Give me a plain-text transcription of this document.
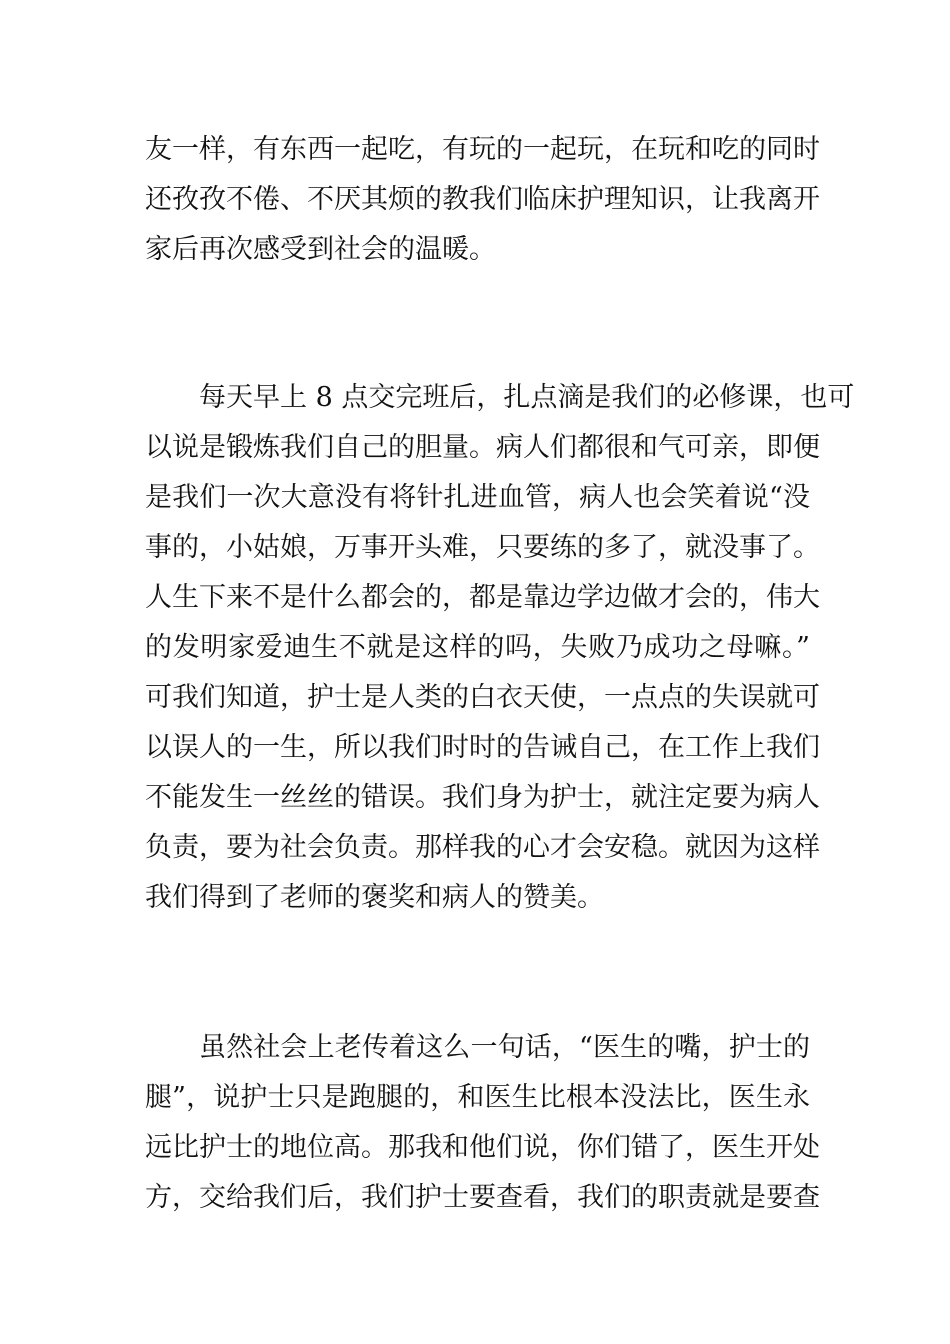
友一样，有东西一起吃，有玩的一起玩，在玩和吃的同时
还孜孜不倦、不厌其烦的教我们临床护理知识，让我离开
家后再次感受到社会的温暖。
每天早上 8 点交完班后，扎点滴是我们的必修课，也可
以说是锻炼我们自己的胆量。病人们都很和气可亲，即便
是我们一次大意没有将针扎进血管，病人也会笑着说“没
事的，小姑娘，万事开头难，只要练的多了，就没事了。
人生下来不是什么都会的，都是靠边学边做才会的，伟大
的发明家爱迪生不就是这样的吗，失败乃成功之母嘛。”
可我们知道，护士是人类的白衣天使，一点点的失误就可
以误人的一生，所以我们时时的告诫自己，在工作上我们
不能发生一丝丝的错误。我们身为护士，就注定要为病人
负责，要为社会负责。那样我的心才会安稳。就因为这样
我们得到了老师的褒奖和病人的赞美。
虽然社会上老传着这么一句话，“医生的嘴，护士的
腿”，说护士只是跑腿的，和医生比根本没法比，医生永
远比护士的地位高。那我和他们说，你们错了，医生开处
方，交给我们后，我们护士要查看，我们的职责就是要查
